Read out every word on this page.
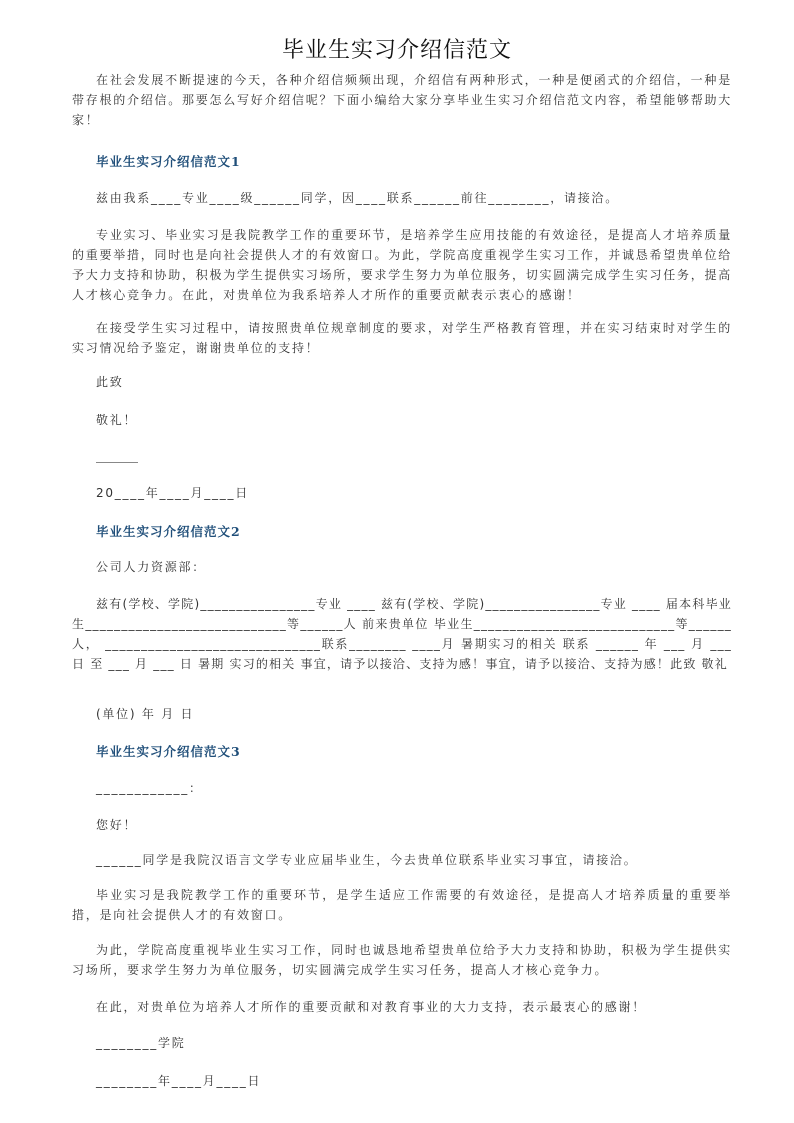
毕业生实习介绍信范文
在社会发展不断提速的今天，各种介绍信频频出现，介绍信有两种形式，一种是便函式的介绍信，一种是带存根的介绍信。那要怎么写好介绍信呢？下面小编给大家分享毕业生实习介绍信范文内容，希望能够帮助大家！
毕业生实习介绍信范文1
兹由我系____专业____级______同学，因____联系______前往________，请接洽。
专业实习、毕业实习是我院教学工作的重要环节，是培养学生应用技能的有效途径，是提高人才培养质量的重要举措，同时也是向社会提供人才的有效窗口。为此，学院高度重视学生实习工作，并诚恳希望贵单位给予大力支持和协助，积极为学生提供实习场所，要求学生努力为单位服务，切实圆满完成学生实习任务，提高人才核心竞争力。在此，对贵单位为我系培养人才所作的重要贡献表示衷心的感谢！
在接受学生实习过程中，请按照贵单位规章制度的要求，对学生严格教育管理，并在实习结束时对学生的实习情况给予鉴定，谢谢贵单位的支持！
此致
敬礼！
20____年____月____日
毕业生实习介绍信范文2
公司人力资源部：
兹有(学校、学院)________________专业 ____ 兹有(学校、学院)________________专业 ____ 届本科毕业生____________________________等______人 前来贵单位 毕业生____________________________等______人， ______________________________联系________ ____月 暑期实习的相关 联系 ______ 年 ___ 月 ___ 日 至 ___ 月 ___ 日 暑期 实习的相关 事宜，请予以接洽、支持为感！事宜，请予以接洽、支持为感！此致 敬礼
(单位) 年 月 日
毕业生实习介绍信范文3
____________：
您好！
______同学是我院汉语言文学专业应届毕业生，今去贵单位联系毕业实习事宜，请接洽。
毕业实习是我院教学工作的重要环节，是学生适应工作需要的有效途径，是提高人才培养质量的重要举措，是向社会提供人才的有效窗口。
为此，学院高度重视毕业生实习工作，同时也诚恳地希望贵单位给予大力支持和协助，积极为学生提供实习场所，要求学生努力为单位服务，切实圆满完成学生实习任务，提高人才核心竞争力。
在此，对贵单位为培养人才所作的重要贡献和对教育事业的大力支持，表示最衷心的感谢！
________学院
________年____月____日
